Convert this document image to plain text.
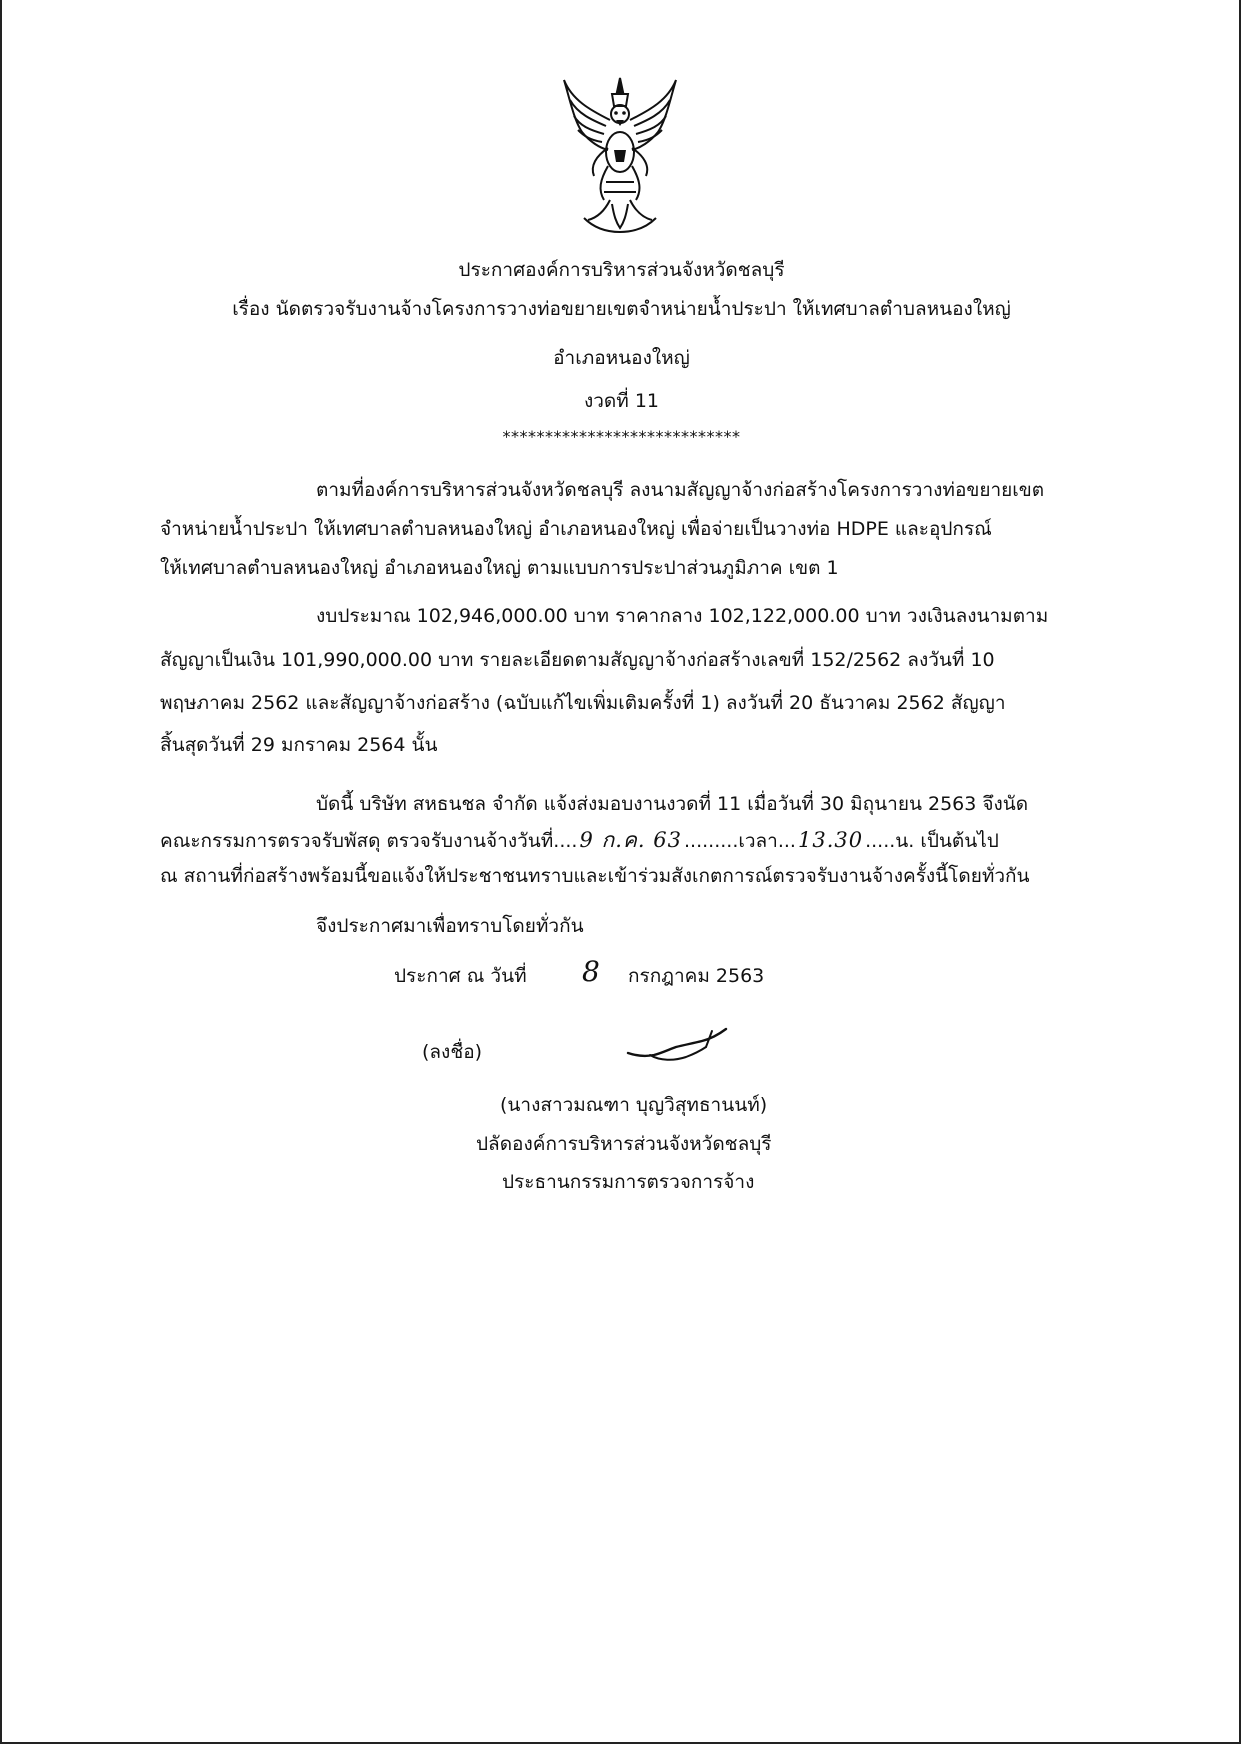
ประกาศองค์การบริหารส่วนจังหวัดชลบุรี
เรื่อง นัดตรวจรับงานจ้างโครงการวางท่อขยายเขตจำหน่ายน้ำประปา ให้เทศบาลตำบลหนองใหญ่
อำเภอหนองใหญ่
งวดที่ 11
****************************
ตามที่องค์การบริหารส่วนจังหวัดชลบุรี ลงนามสัญญาจ้างก่อสร้างโครงการวางท่อขยายเขต
จำหน่ายน้ำประปา ให้เทศบาลตำบลหนองใหญ่ อำเภอหนองใหญ่ เพื่อจ่ายเป็นวางท่อ HDPE และอุปกรณ์
ให้เทศบาลตำบลหนองใหญ่ อำเภอหนองใหญ่ ตามแบบการประปาส่วนภูมิภาค เขต 1
งบประมาณ 102,946,000.00 บาท ราคากลาง 102,122,000.00 บาท วงเงินลงนามตาม
สัญญาเป็นเงิน 101,990,000.00 บาท รายละเอียดตามสัญญาจ้างก่อสร้างเลขที่ 152/2562 ลงวันที่ 10
พฤษภาคม 2562 และสัญญาจ้างก่อสร้าง (ฉบับแก้ไขเพิ่มเติมครั้งที่ 1) ลงวันที่ 20 ธันวาคม 2562 สัญญา
สิ้นสุดวันที่ 29 มกราคม 2564 นั้น
บัดนี้ บริษัท สหธนชล จำกัด แจ้งส่งมอบงานงวดที่ 11 เมื่อวันที่ 30 มิถุนายน 2563 จึงนัด
คณะกรรมการตรวจรับพัสดุ ตรวจรับงานจ้างวันที่....9 ก.ค. 63 .........เวลา...13.30 .....น. เป็นต้นไป
ณ สถานที่ก่อสร้างพร้อมนี้ขอแจ้งให้ประชาชนทราบและเข้าร่วมสังเกตการณ์ตรวจรับงานจ้างครั้งนี้โดยทั่วกัน
จึงประกาศมาเพื่อทราบโดยทั่วกัน
ประกาศ ณ วันที่ 8 กรกฎาคม 2563
(ลงชื่อ)
(นางสาวมณฑา บุญวิสุทธานนท์)
ปลัดองค์การบริหารส่วนจังหวัดชลบุรี
ประธานกรรมการตรวจการจ้าง
